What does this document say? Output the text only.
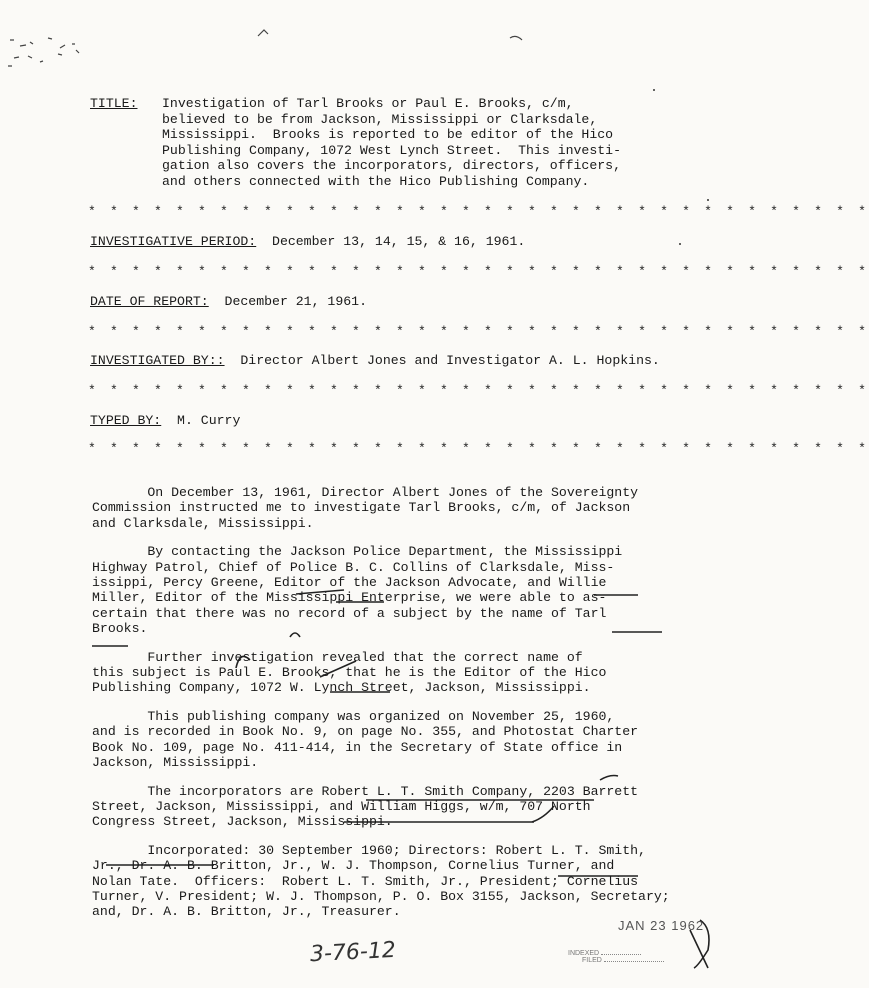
TITLE:	Investigation of Tarl Brooks or Paul E. Brooks, c/m,
believed to be from Jackson, Mississippi or Clarksdale,
Mississippi.  Brooks is reported to be editor of the Hico
Publishing Company, 1072 West Lynch Street.  This investi-
gation also covers the incorporators, directors, officers,
and others connected with the Hico Publishing Company.
* * * * * * * * * * * * * * * * * * * * * * * * * * * * * * * * * * * *
INVESTIGATIVE PERIOD:  December 13, 14, 15, & 16, 1961.
* * * * * * * * * * * * * * * * * * * * * * * * * * * * * * * * * * * *
DATE OF REPORT:  December 21, 1961.
* * * * * * * * * * * * * * * * * * * * * * * * * * * * * * * * * * * *
INVESTIGATED BY::  Director Albert Jones and Investigator A. L. Hopkins.
* * * * * * * * * * * * * * * * * * * * * * * * * * * * * * * * * * * *
TYPED BY:  M. Curry
* * * * * * * * * * * * * * * * * * * * * * * * * * * * * * * * * * * *
On December 13, 1961, Director Albert Jones of the Sovereignty
Commission instructed me to investigate Tarl Brooks, c/m, of Jackson
and Clarksdale, Mississippi.
By contacting the Jackson Police Department, the Mississippi
Highway Patrol, Chief of Police B. C. Collins of Clarksdale, Miss-
issippi, Percy Greene, Editor of the Jackson Advocate, and Willie
Miller, Editor of the Mississippi Enterprise, we were able to as-
certain that there was no record of a subject by the name of Tarl
Brooks.
Further investigation revealed that the correct name of
this subject is Paul E. Brooks, that he is the Editor of the Hico
Publishing Company, 1072 W. Lynch Street, Jackson, Mississippi.
This publishing company was organized on November 25, 1960,
and is recorded in Book No. 9, on page No. 355, and Photostat Charter
Book No. 109, page No. 411-414, in the Secretary of State office in
Jackson, Mississippi.
The incorporators are Robert L. T. Smith Company, 2203 Barrett
Street, Jackson, Mississippi, and William Higgs, w/m, 707 North
Congress Street, Jackson, Mississippi.
Incorporated: 30 September 1960; Directors: Robert L. T. Smith,
Jr., Dr. A. B. Britton, Jr., W. J. Thompson, Cornelius Turner, and
Nolan Tate.  Officers:  Robert L. T. Smith, Jr., President; Cornelius
Turner, V. President; W. J. Thompson, P. O. Box 3155, Jackson, Secretary;
and, Dr. A. B. Britton, Jr., Treasurer.
JAN 23 1962
INDEXED
FILED
3-76-12
